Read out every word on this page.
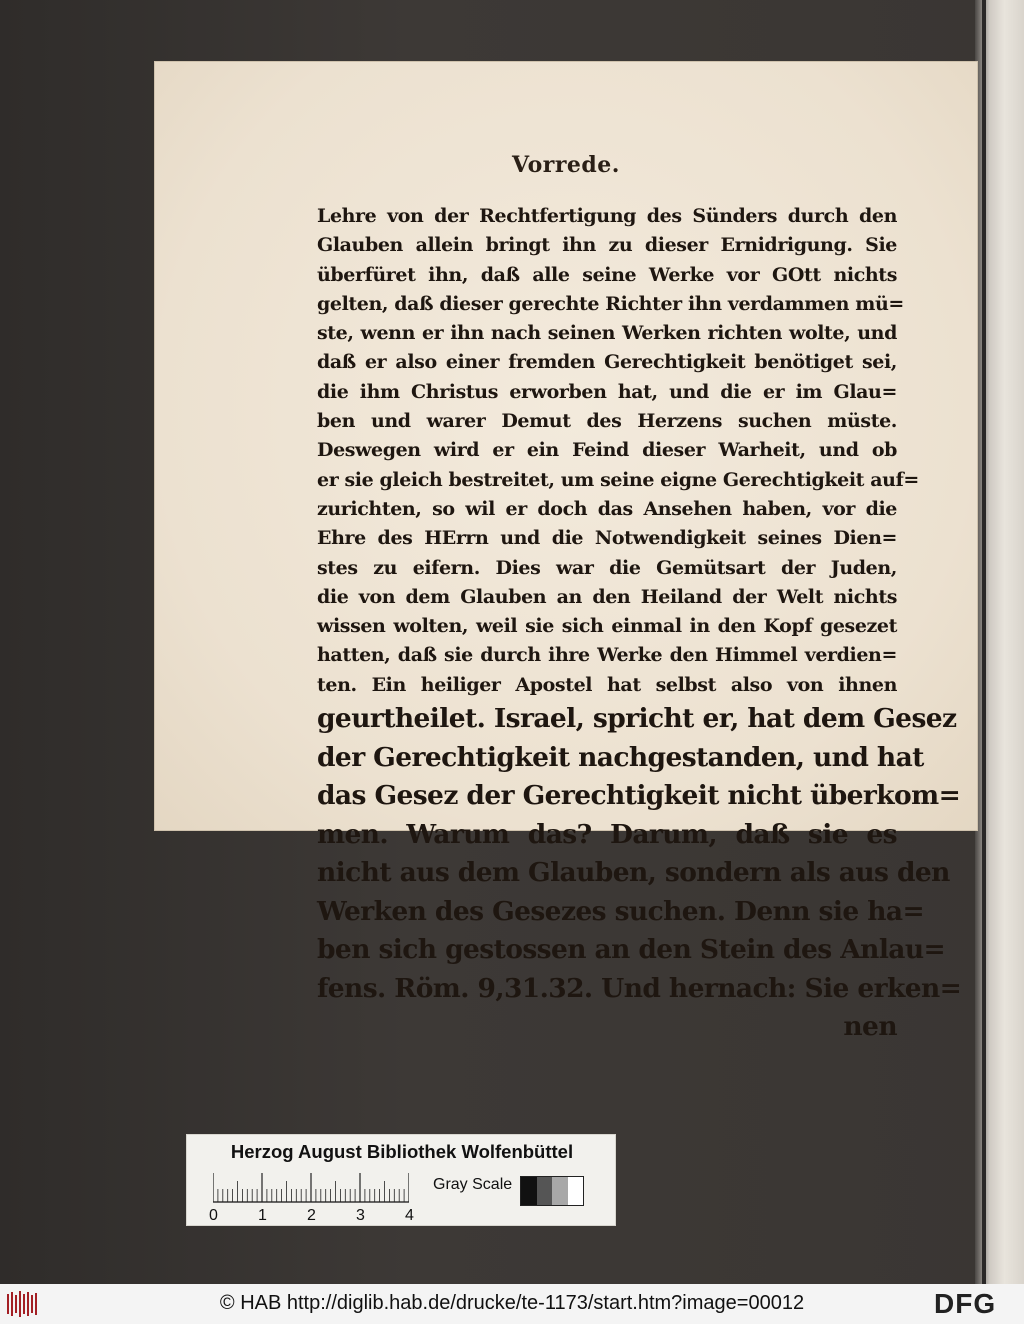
Vorrede.
Lehre von der Rechtfertigung des Sünders durch den
Glauben allein bringt ihn zu dieser Ernidrigung. Sie
überfüret ihn, daß alle seine Werke vor GOtt nichts
gelten, daß dieser gerechte Richter ihn verdammen mü=
ste, wenn er ihn nach seinen Werken richten wolte, und
daß er also einer fremden Gerechtigkeit benötiget sei,
die ihm Christus erworben hat, und die er im Glau=
ben und warer Demut des Herzens suchen müste.
Deswegen wird er ein Feind dieser Warheit, und ob
er sie gleich bestreitet, um seine eigne Gerechtigkeit auf=
zurichten, so wil er doch das Ansehen haben, vor die
Ehre des HErrn und die Notwendigkeit seines Dien=
stes zu eifern. Dies war die Gemütsart der Juden,
die von dem Glauben an den Heiland der Welt nichts
wissen wolten, weil sie sich einmal in den Kopf gesezet
hatten, daß sie durch ihre Werke den Himmel verdien=
ten. Ein heiliger Apostel hat selbst also von ihnen
geurtheilet. Israel, spricht er, hat dem Gesez
der Gerechtigkeit nachgestanden, und hat
das Gesez der Gerechtigkeit nicht überkom=
men. Warum das? Darum, daß sie es
nicht aus dem Glauben, sondern als aus den
Werken des Gesezes suchen. Denn sie ha=
ben sich gestossen an den Stein des Anlau=
fens. Röm. 9,31.32. Und hernach: Sie erken=
nen
Herzog August Bibliothek Wolfenbüttel
0	1	2	3	4
Gray Scale
© HAB http://diglib.hab.de/drucke/te-1173/start.htm?image=00012	DFG
